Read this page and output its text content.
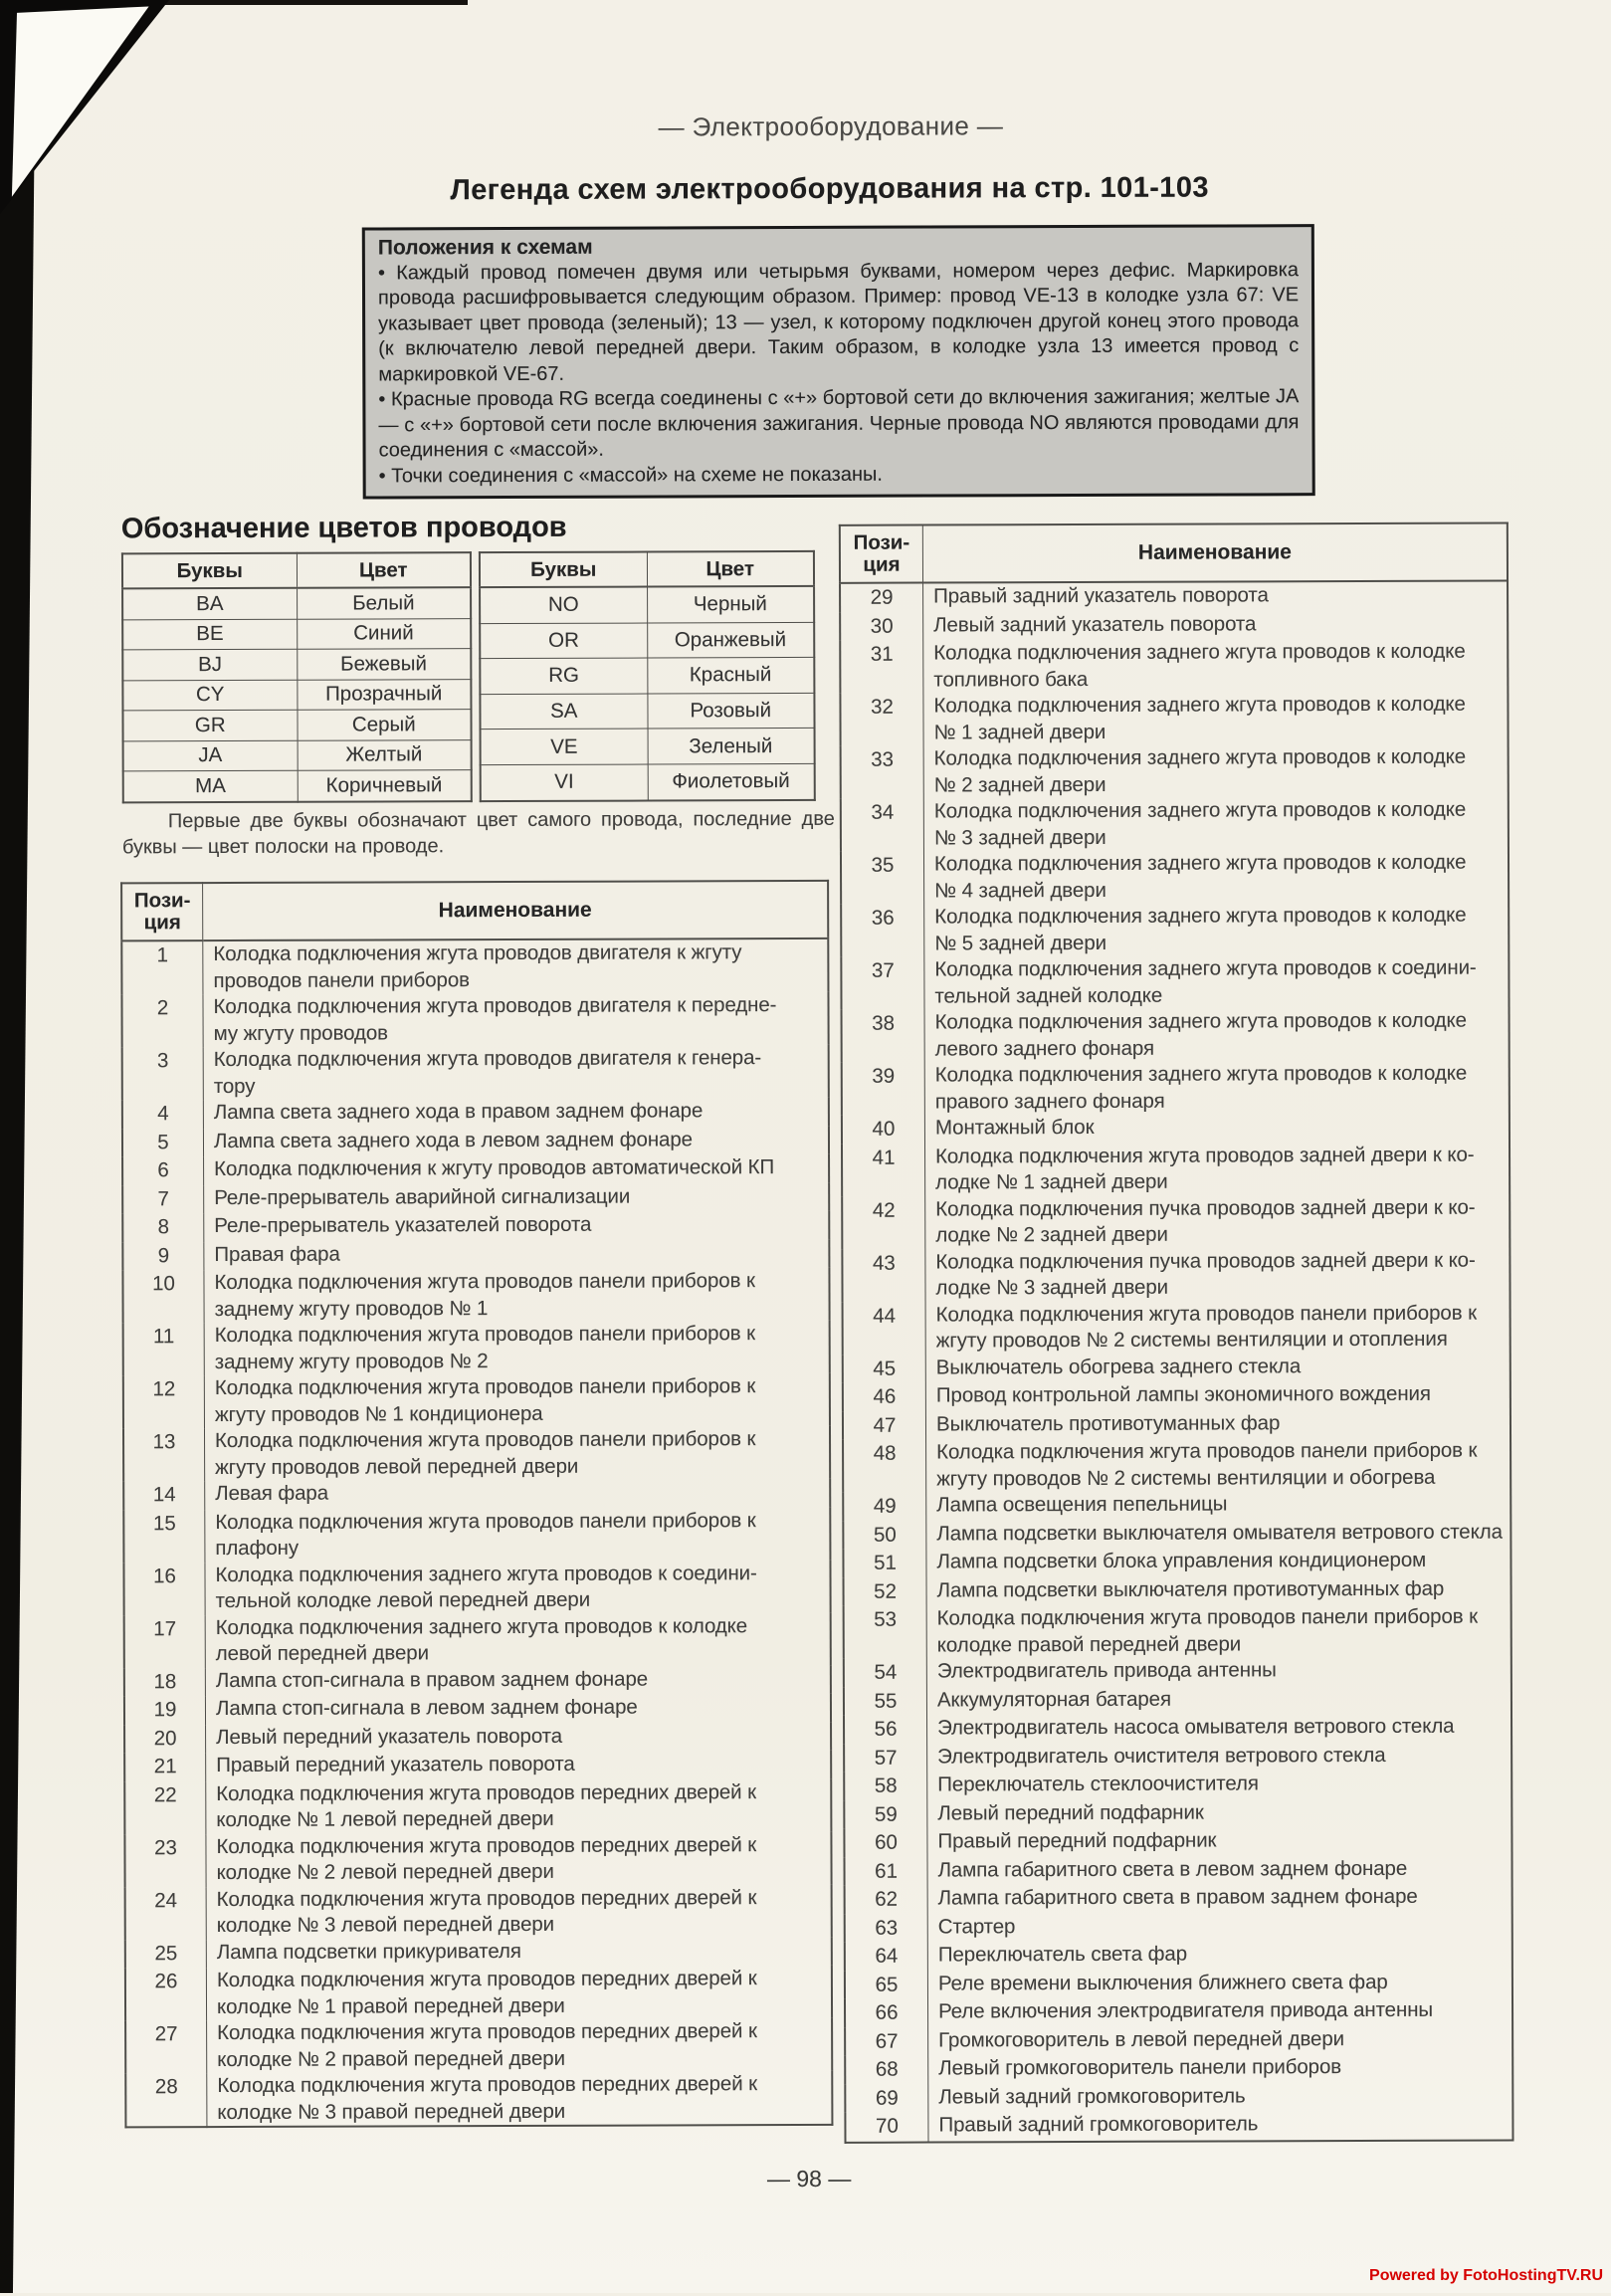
— Электрооборудование —
Легенда схем электрооборудования на стр. 101-103
Положения к схемам

• Каждый провод помечен двумя или четырьмя буквами, номером через дефис. Маркировка провода расшифровывается следующим образом. Пример: провод VE-13 в колодке узла 67: VE указывает цвет провода (зеленый); 13 — узел, к которому подключен другой конец этого провода (к включателю левой передней двери. Таким образом, в колодке узла 13 имеется провод с маркировкой VE-67.

• Красные провода RG всегда соединены с «+» бортовой сети до включения зажигания; желтые JA — с «+» бортовой сети после включения зажигания. Черные провода NO являются проводами для соединения с «массой».

• Точки соединения с «массой» на схеме не показаны.

Обозначение цветов проводов
Буквы	Цвет
BA	Белый
BE	Синий
BJ	Бежевый
CY	Прозрачный
GR	Серый
JA	Желтый
MA	Коричневый
Буквы	Цвет
NO	Черный
OR	Оранжевый
RG	Красный
SA	Розовый
VE	Зеленый
VI	Фиолетовый
Первые две буквы обозначают цвет самого провода, последние две буквы — цвет полоски на проводе.
Пози-
ция	Наименование
1	Колодка подключения жгута проводов двигателя к жгуту
проводов панели приборов
2	Колодка подключения жгута проводов двигателя к передне-
му жгуту проводов
3	Колодка подключения жгута проводов двигателя к генера-
тору
4	Лампа света заднего хода в правом заднем фонаре
5	Лампа света заднего хода в левом заднем фонаре
6	Колодка подключения к жгуту проводов автоматической КП
7	Реле-прерыватель аварийной сигнализации
8	Реле-прерыватель указателей поворота
9	Правая фара
10	Колодка подключения жгута проводов панели приборов к
заднему жгуту проводов № 1
11	Колодка подключения жгута проводов панели приборов к
заднему жгуту проводов № 2
12	Колодка подключения жгута проводов панели приборов к
жгуту проводов № 1 кондиционера
13	Колодка подключения жгута проводов панели приборов к
жгуту проводов левой передней двери
14	Левая фара
15	Колодка подключения жгута проводов панели приборов к
плафону
16	Колодка подключения заднего жгута проводов к соедини-
тельной колодке левой передней двери
17	Колодка подключения заднего жгута проводов к колодке
левой передней двери
18	Лампа стоп-сигнала в правом заднем фонаре
19	Лампа стоп-сигнала в левом заднем фонаре
20	Левый передний указатель поворота
21	Правый передний указатель поворота
22	Колодка подключения жгута проводов передних дверей к
колодке № 1 левой передней двери
23	Колодка подключения жгута проводов передних дверей к
колодке № 2 левой передней двери
24	Колодка подключения жгута проводов передних дверей к
колодке № 3 левой передней двери
25	Лампа подсветки прикуривателя
26	Колодка подключения жгута проводов передних дверей к
колодке № 1 правой передней двери
27	Колодка подключения жгута проводов передних дверей к
колодке № 2 правой передней двери
28	Колодка подключения жгута проводов передних дверей к
колодке № 3 правой передней двери
Пози-
ция	Наименование
29	Правый задний указатель поворота
30	Левый задний указатель поворота
31	Колодка подключения заднего жгута проводов к колодке
топливного бака
32	Колодка подключения заднего жгута проводов к колодке
№ 1 задней двери
33	Колодка подключения заднего жгута проводов к колодке
№ 2 задней двери
34	Колодка подключения заднего жгута проводов к колодке
№ 3 задней двери
35	Колодка подключения заднего жгута проводов к колодке
№ 4 задней двери
36	Колодка подключения заднего жгута проводов к колодке
№ 5 задней двери
37	Колодка подключения заднего жгута проводов к соедини-
тельной задней колодке
38	Колодка подключения заднего жгута проводов к колодке
левого заднего фонаря
39	Колодка подключения заднего жгута проводов к колодке
правого заднего фонаря
40	Монтажный блок
41	Колодка подключения жгута проводов задней двери к ко-
лодке № 1 задней двери
42	Колодка подключения пучка проводов задней двери к ко-
лодке № 2 задней двери
43	Колодка подключения пучка проводов задней двери к ко-
лодке № 3 задней двери
44	Колодка подключения жгута проводов панели приборов к
жгуту проводов № 2 системы вентиляции и отопления
45	Выключатель обогрева заднего стекла
46	Провод контрольной лампы экономичного вождения
47	Выключатель противотуманных фар
48	Колодка подключения жгута проводов панели приборов к
жгуту проводов № 2 системы вентиляции и обогрева
49	Лампа освещения пепельницы
50	Лампа подсветки выключателя омывателя ветрового стекла
51	Лампа подсветки блока управления кондиционером
52	Лампа подсветки выключателя противотуманных фар
53	Колодка подключения жгута проводов панели приборов к
колодке правой передней двери
54	Электродвигатель привода антенны
55	Аккумуляторная батарея
56	Электродвигатель насоса омывателя ветрового стекла
57	Электродвигатель очистителя ветрового стекла
58	Переключатель стеклоочистителя
59	Левый передний подфарник
60	Правый передний подфарник
61	Лампа габаритного света в левом заднем фонаре
62	Лампа габаритного света в правом заднем фонаре
63	Стартер
64	Переключатель света фар
65	Реле времени выключения ближнего света фар
66	Реле включения электродвигателя привода антенны
67	Громкоговоритель в левой передней двери
68	Левый громкоговоритель панели приборов
69	Левый задний громкоговоритель
70	Правый задний громкоговоритель
— 98 —
Powered by FotoHostingTV.RU
